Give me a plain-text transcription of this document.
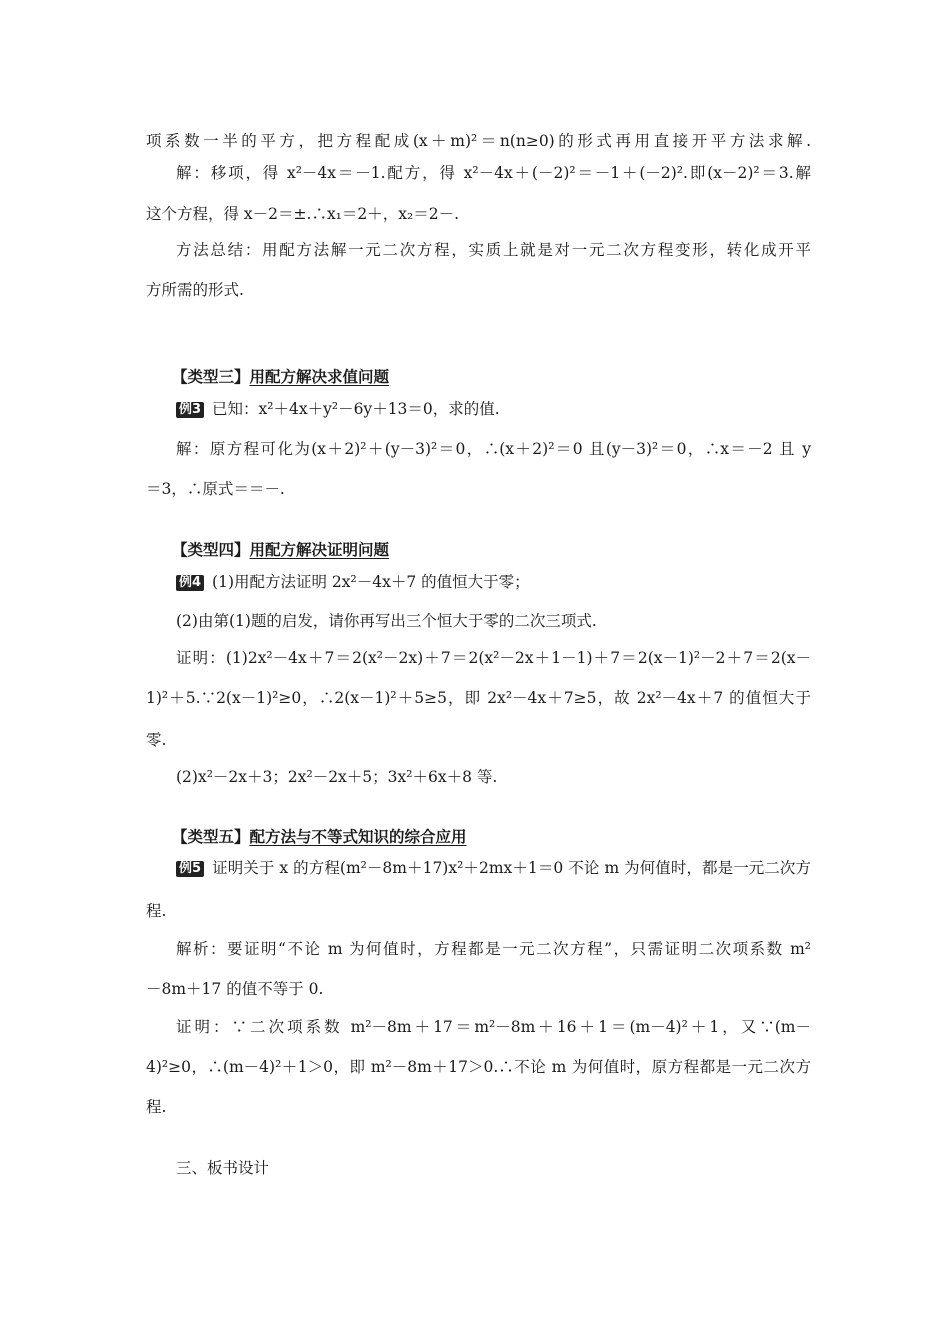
项系数一半的平方，把方程配成(x＋m)²＝n(n≥0)的形式再用直接开平方法求解.
解：移项，得 x²－4x＝－1.配方，得 x²－4x＋(－2)²＝－1＋(－2)².即(x－2)²＝3.解
这个方程，得 x－2＝±.∴x₁＝2＋，x₂＝2－.
方法总结：用配方法解一元二次方程，实质上就是对一元二次方程变形，转化成开平
方所需的形式.
【类型三】用配方解决求值问题
例3 已知：x²＋4x＋y²－6y＋13＝0，求的值.
解：原方程可化为(x＋2)²＋(y－3)²＝0，∴(x＋2)²＝0 且(y－3)²＝0，∴x＝－2 且 y
＝3，∴原式＝＝－.
【类型四】用配方解决证明问题
例4 (1)用配方法证明 2x²－4x＋7 的值恒大于零；
(2)由第(1)题的启发，请你再写出三个恒大于零的二次三项式.
证明：(1)2x²－4x＋7＝2(x²－2x)＋7＝2(x²－2x＋1－1)＋7＝2(x－1)²－2＋7＝2(x－
1)²＋5.∵2(x－1)²≥0，∴2(x－1)²＋5≥5，即 2x²－4x＋7≥5，故 2x²－4x＋7 的值恒大于
零.
(2)x²－2x＋3；2x²－2x＋5；3x²＋6x＋8 等.
【类型五】配方法与不等式知识的综合应用
例5 证明关于 x 的方程(m²－8m＋17)x²＋2mx＋1＝0 不论 m 为何值时，都是一元二次方
程.
解析：要证明“不论 m 为何值时，方程都是一元二次方程”，只需证明二次项系数 m²
－8m＋17 的值不等于 0.
证明：∵二次项系数 m²－8m＋17＝m²－8m＋16＋1＝(m－4)²＋1，又∵(m－
4)²≥0，∴(m－4)²＋1＞0，即 m²－8m＋17＞0.∴不论 m 为何值时，原方程都是一元二次方
程.
三、板书设计
